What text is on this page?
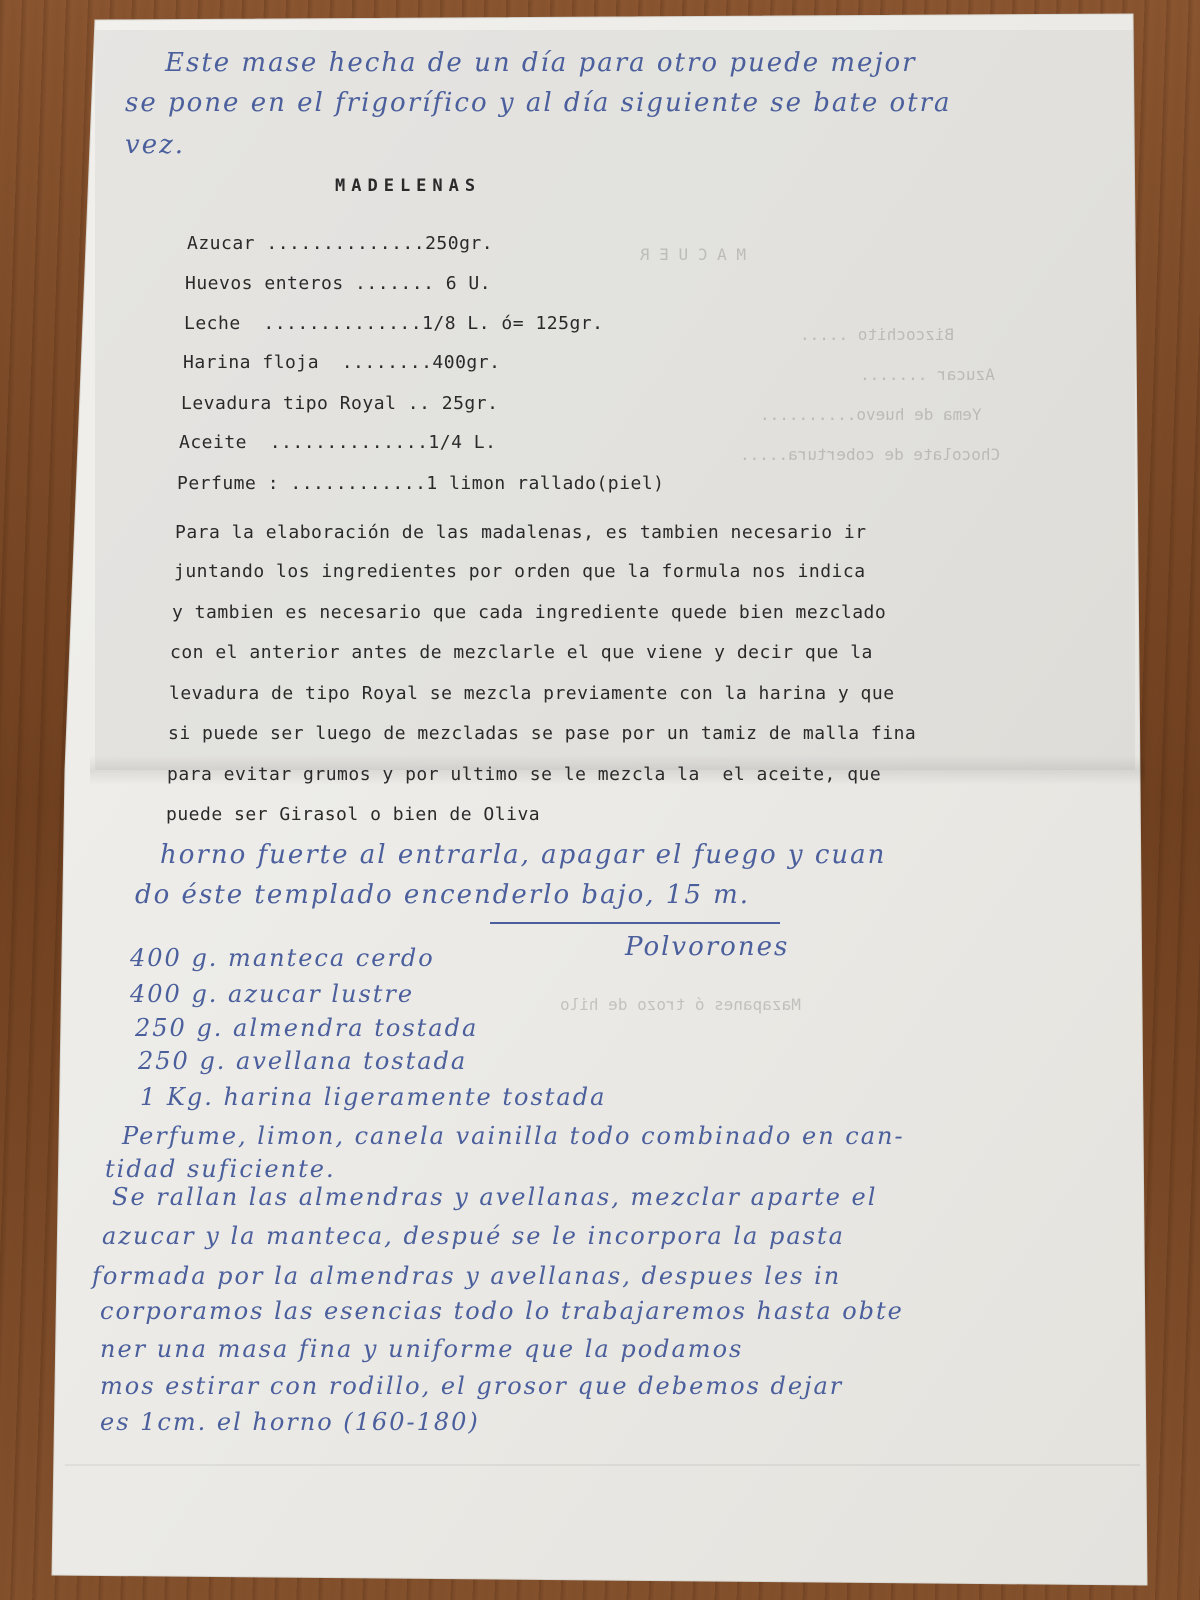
M A C U E R
Bizcochito .....
Azucar .......
Yema de huevo..........
Chocolate de cobertura.....
Mazapanes ó trozo de hilo
Este mase hecha de un día para otro puede mejor
se pone en el frigorífico y al día siguiente se bate otra
vez.
MADELENAS
Azucar ..............250gr.
Huevos enteros ....... 6 U.
Leche  ..............1/8 L. ó= 125gr.
Harina floja  ........400gr.
Levadura tipo Royal .. 25gr.
Aceite  ..............1/4 L.
Perfume : ............1 limon rallado(piel)
Para la elaboración de las madalenas, es tambien necesario ir
juntando los ingredientes por orden que la formula nos indica
y tambien es necesario que cada ingrediente quede bien mezclado
con el anterior antes de mezclarle el que viene y decir que la
levadura de tipo Royal se mezcla previamente con la harina y que
si puede ser luego de mezcladas se pase por un tamiz de malla fina
para evitar grumos y por ultimo se le mezcla la  el aceite, que
puede ser Girasol o bien de Oliva
horno fuerte al entrarla, apagar el fuego y cuan
do éste templado encenderlo bajo, 15 m.
Polvorones
400 g. manteca cerdo
400 g. azucar lustre
250 g. almendra tostada
250 g. avellana tostada
1 Kg. harina ligeramente tostada
Perfume, limon, canela vainilla todo combinado en can-
tidad suficiente.
Se rallan las almendras y avellanas, mezclar aparte el
azucar y la manteca, despué se le incorpora la pasta
formada por la almendras y avellanas, despues les in
corporamos las esencias todo lo trabajaremos hasta obte
ner una masa fina y uniforme que la podamos
mos estirar con rodillo, el grosor que debemos dejar
es 1cm. el horno (160-180)
